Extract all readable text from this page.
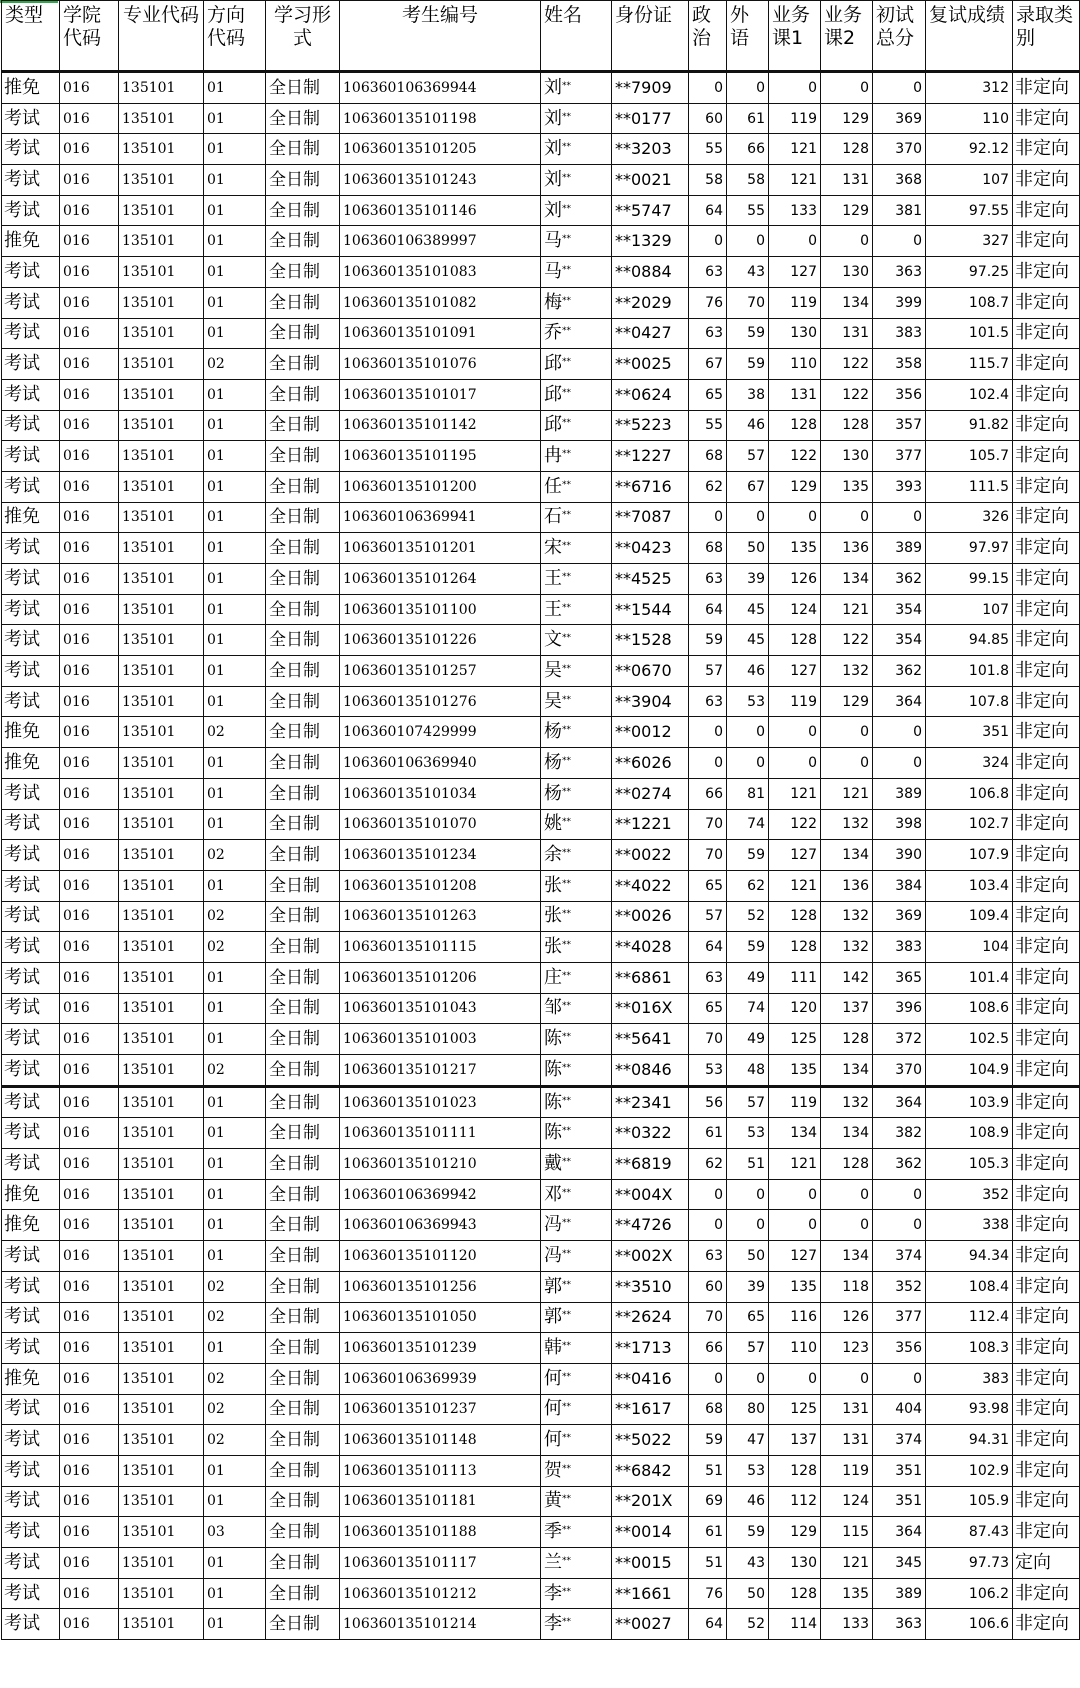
类型	学院代码	专业代码	方向代码	学习形式	考生编号	姓名	身份证	政治	外语	业务课1	业务课2	初试总分	复试成绩	录取类别
推免	016	135101	01	全日制	106360106369944	刘**	**7909	0	0	0	0	0	312	非定向
考试	016	135101	01	全日制	106360135101198	刘**	**0177	60	61	119	129	369	110	非定向
考试	016	135101	01	全日制	106360135101205	刘**	**3203	55	66	121	128	370	92.12	非定向
考试	016	135101	01	全日制	106360135101243	刘**	**0021	58	58	121	131	368	107	非定向
考试	016	135101	01	全日制	106360135101146	刘**	**5747	64	55	133	129	381	97.55	非定向
推免	016	135101	01	全日制	106360106389997	马**	**1329	0	0	0	0	0	327	非定向
考试	016	135101	01	全日制	106360135101083	马**	**0884	63	43	127	130	363	97.25	非定向
考试	016	135101	01	全日制	106360135101082	梅**	**2029	76	70	119	134	399	108.7	非定向
考试	016	135101	01	全日制	106360135101091	乔**	**0427	63	59	130	131	383	101.5	非定向
考试	016	135101	02	全日制	106360135101076	邱**	**0025	67	59	110	122	358	115.7	非定向
考试	016	135101	01	全日制	106360135101017	邱**	**0624	65	38	131	122	356	102.4	非定向
考试	016	135101	01	全日制	106360135101142	邱**	**5223	55	46	128	128	357	91.82	非定向
考试	016	135101	01	全日制	106360135101195	冉**	**1227	68	57	122	130	377	105.7	非定向
考试	016	135101	01	全日制	106360135101200	任**	**6716	62	67	129	135	393	111.5	非定向
推免	016	135101	01	全日制	106360106369941	石**	**7087	0	0	0	0	0	326	非定向
考试	016	135101	01	全日制	106360135101201	宋**	**0423	68	50	135	136	389	97.97	非定向
考试	016	135101	01	全日制	106360135101264	王**	**4525	63	39	126	134	362	99.15	非定向
考试	016	135101	01	全日制	106360135101100	王**	**1544	64	45	124	121	354	107	非定向
考试	016	135101	01	全日制	106360135101226	文**	**1528	59	45	128	122	354	94.85	非定向
考试	016	135101	01	全日制	106360135101257	吴**	**0670	57	46	127	132	362	101.8	非定向
考试	016	135101	01	全日制	106360135101276	吴**	**3904	63	53	119	129	364	107.8	非定向
推免	016	135101	02	全日制	106360107429999	杨**	**0012	0	0	0	0	0	351	非定向
推免	016	135101	01	全日制	106360106369940	杨**	**6026	0	0	0	0	0	324	非定向
考试	016	135101	01	全日制	106360135101034	杨**	**0274	66	81	121	121	389	106.8	非定向
考试	016	135101	01	全日制	106360135101070	姚**	**1221	70	74	122	132	398	102.7	非定向
考试	016	135101	02	全日制	106360135101234	余**	**0022	70	59	127	134	390	107.9	非定向
考试	016	135101	01	全日制	106360135101208	张**	**4022	65	62	121	136	384	103.4	非定向
考试	016	135101	02	全日制	106360135101263	张**	**0026	57	52	128	132	369	109.4	非定向
考试	016	135101	02	全日制	106360135101115	张**	**4028	64	59	128	132	383	104	非定向
考试	016	135101	01	全日制	106360135101206	庄**	**6861	63	49	111	142	365	101.4	非定向
考试	016	135101	01	全日制	106360135101043	邹**	**016X	65	74	120	137	396	108.6	非定向
考试	016	135101	01	全日制	106360135101003	陈**	**5641	70	49	125	128	372	102.5	非定向
考试	016	135101	02	全日制	106360135101217	陈**	**0846	53	48	135	134	370	104.9	非定向
考试	016	135101	01	全日制	106360135101023	陈**	**2341	56	57	119	132	364	103.9	非定向
考试	016	135101	01	全日制	106360135101111	陈**	**0322	61	53	134	134	382	108.9	非定向
考试	016	135101	01	全日制	106360135101210	戴**	**6819	62	51	121	128	362	105.3	非定向
推免	016	135101	01	全日制	106360106369942	邓**	**004X	0	0	0	0	0	352	非定向
推免	016	135101	01	全日制	106360106369943	冯**	**4726	0	0	0	0	0	338	非定向
考试	016	135101	01	全日制	106360135101120	冯**	**002X	63	50	127	134	374	94.34	非定向
考试	016	135101	02	全日制	106360135101256	郭**	**3510	60	39	135	118	352	108.4	非定向
考试	016	135101	02	全日制	106360135101050	郭**	**2624	70	65	116	126	377	112.4	非定向
考试	016	135101	01	全日制	106360135101239	韩**	**1713	66	57	110	123	356	108.3	非定向
推免	016	135101	02	全日制	106360106369939	何**	**0416	0	0	0	0	0	383	非定向
考试	016	135101	02	全日制	106360135101237	何**	**1617	68	80	125	131	404	93.98	非定向
考试	016	135101	02	全日制	106360135101148	何**	**5022	59	47	137	131	374	94.31	非定向
考试	016	135101	01	全日制	106360135101113	贺**	**6842	51	53	128	119	351	102.9	非定向
考试	016	135101	01	全日制	106360135101181	黄**	**201X	69	46	112	124	351	105.9	非定向
考试	016	135101	03	全日制	106360135101188	季**	**0014	61	59	129	115	364	87.43	非定向
考试	016	135101	01	全日制	106360135101117	兰**	**0015	51	43	130	121	345	97.73	定向
考试	016	135101	01	全日制	106360135101212	李**	**1661	76	50	128	135	389	106.2	非定向
考试	016	135101	01	全日制	106360135101214	李**	**0027	64	52	114	133	363	106.6	非定向
